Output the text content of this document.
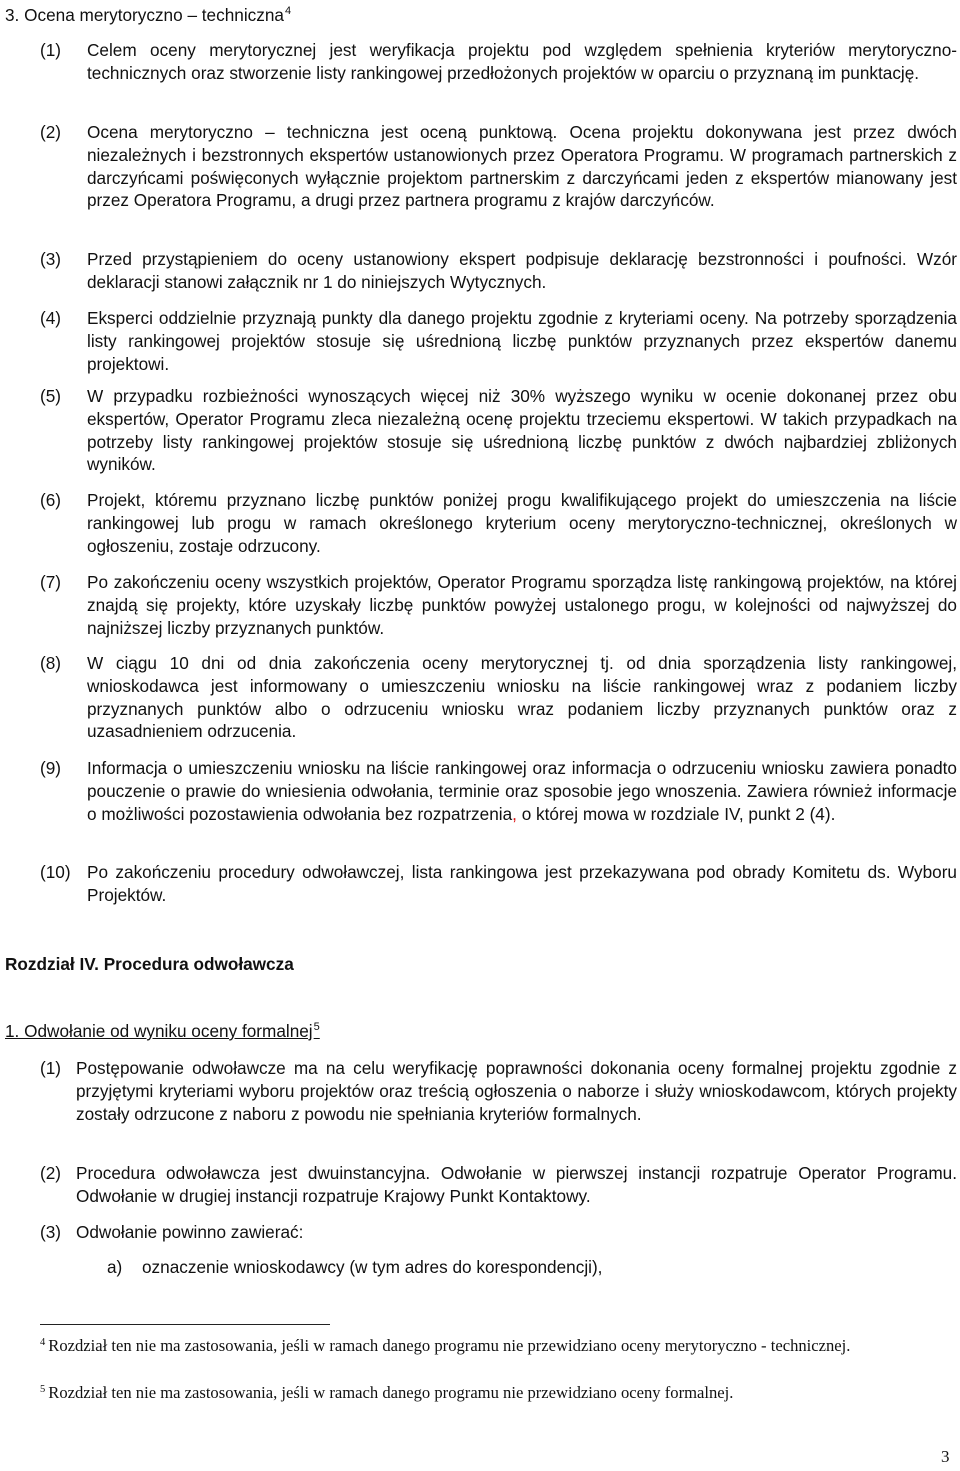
3. Ocena merytoryczno – techniczna$^4$
(1) Celem oceny merytorycznej jest weryfikacja projektu pod względem spełnienia kryteriów merytoryczno-technicznych oraz stworzenie listy rankingowej przedłożonych projektów w oparciu o przyznaną im punktację.
(2) Ocena merytoryczno – techniczna jest oceną punktową. Ocena projektu dokonywana jest przez dwóch niezależnych i bezstronnych ekspertów ustanowionych przez Operatora Programu. W programach partnerskich z darczyńcami poświęconych wyłącznie projektom partnerskim z darczyńcami jeden z ekspertów mianowany jest przez Operatora Programu, a drugi przez partnera programu z krajów darczyńców.
(3) Przed przystąpieniem do oceny ustanowiony ekspert podpisuje deklarację bezstronności i poufności. Wzór deklaracji stanowi załącznik nr 1 do niniejszych Wytycznych.
(4) Eksperci oddzielnie przyznają punkty dla danego projektu zgodnie z kryteriami oceny. Na potrzeby sporządzenia listy rankingowej projektów stosuje się uśrednioną liczbę punktów przyznanych przez ekspertów danemu projektowi.
(5) W przypadku rozbieżności wynoszących więcej niż 30% wyższego wyniku w ocenie dokonanej przez obu ekspertów, Operator Programu zleca niezależną ocenę projektu trzeciemu ekspertowi. W takich przypadkach na potrzeby listy rankingowej projektów stosuje się uśrednioną liczbę punktów z dwóch najbardziej zbliżonych wyników.
(6) Projekt, któremu przyznano liczbę punktów poniżej progu kwalifikującego projekt do umieszczenia na liście rankingowej lub progu w ramach określonego kryterium oceny merytoryczno-technicznej, określonych w ogłoszeniu, zostaje odrzucony.
(7) Po zakończeniu oceny wszystkich projektów, Operator Programu sporządza listę rankingową projektów, na której znajdą się projekty, które uzyskały liczbę punktów powyżej ustalonego progu, w kolejności od najwyższej do najniższej liczby przyznanych punktów.
(8) W ciągu 10 dni od dnia zakończenia oceny merytorycznej tj. od dnia sporządzenia listy rankingowej, wnioskodawca jest informowany o umieszczeniu wniosku na liście rankingowej wraz z podaniem liczby przyznanych punktów albo o odrzuceniu wniosku wraz podaniem liczby przyznanych punktów oraz z uzasadnieniem odrzucenia.
(9) Informacja o umieszczeniu wniosku na liście rankingowej oraz informacja o odrzuceniu wniosku zawiera ponadto pouczenie o prawie do wniesienia odwołania, terminie oraz sposobie jego wnoszenia. Zawiera również informacje o możliwości pozostawienia odwołania bez rozpatrzenia, o której mowa w rozdziale IV, punkt 2 (4).
(10) Po zakończeniu procedury odwoławczej, lista rankingowa jest przekazywana pod obrady Komitetu ds. Wyboru Projektów.
Rozdział IV. Procedura odwoławcza
1. Odwołanie od wyniku oceny formalnej$^5$
(1) Postępowanie odwoławcze ma na celu weryfikację poprawności dokonania oceny formalnej projektu zgodnie z przyjętymi kryteriami wyboru projektów oraz treścią ogłoszenia o naborze i służy wnioskodawcom, których projekty zostały odrzucone z naboru z powodu nie spełniania kryteriów formalnych.
(2) Procedura odwoławcza jest dwuinstancyjna. Odwołanie w pierwszej instancji rozpatruje Operator Programu. Odwołanie w drugiej instancji rozpatruje Krajowy Punkt Kontaktowy.
(3) Odwołanie powinno zawierać:
a) oznaczenie wnioskodawcy (w tym adres do korespondencji),
$^4$ Rozdział ten nie ma zastosowania, jeśli w ramach danego programu nie przewidziano oceny merytoryczno - technicznej.
$^5$ Rozdział ten nie ma zastosowania, jeśli w ramach danego programu nie przewidziano oceny formalnej.
3
